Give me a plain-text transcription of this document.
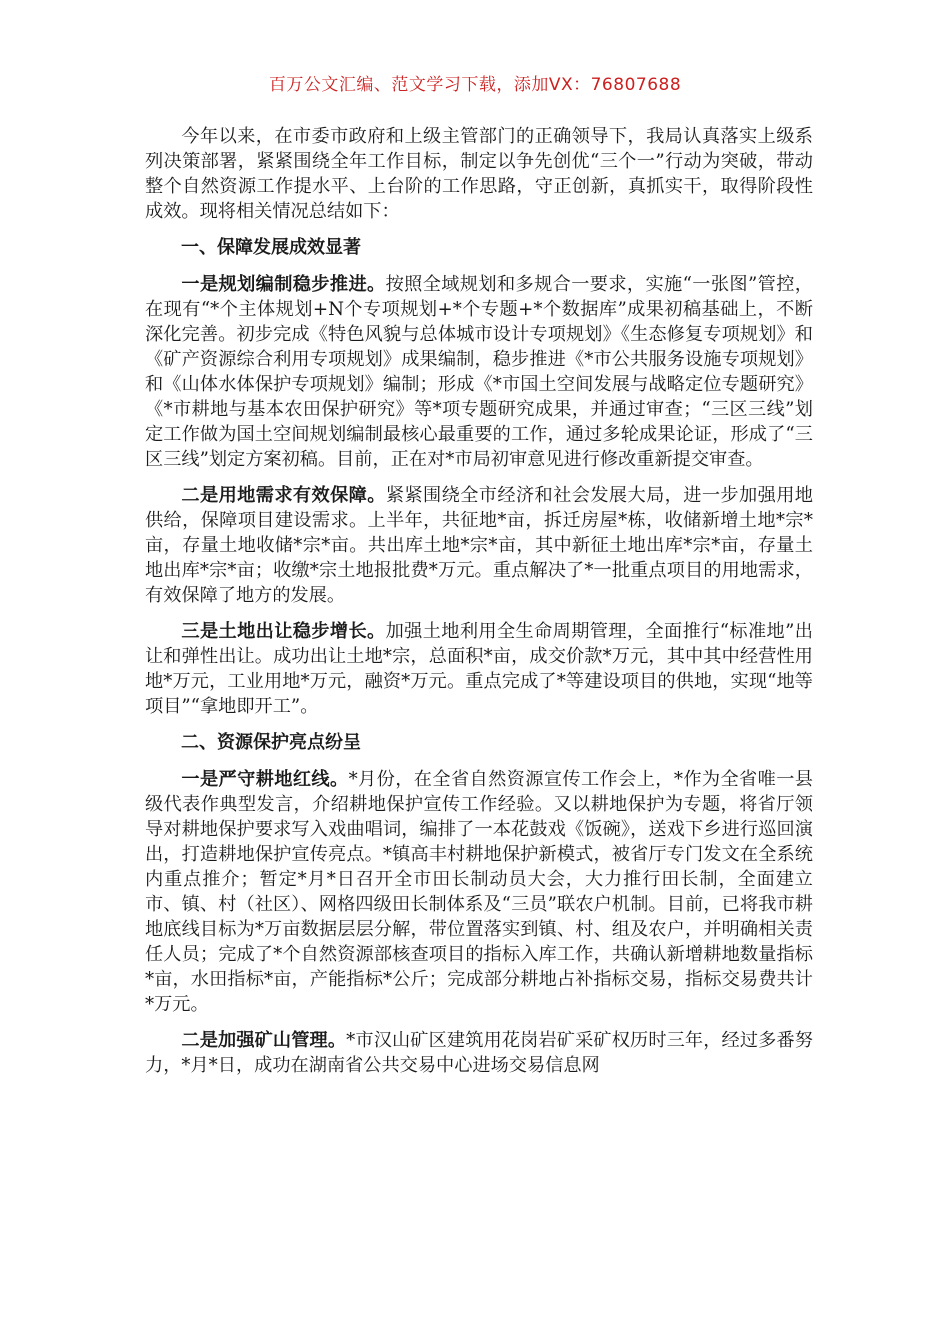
百万公文汇编、范文学习下载，添加VX：76807688

今年以来，在市委市政府和上级主管部门的正确领导下，我局认真落实上级系列决策部署，紧紧围绕全年工作目标，制定以争先创优“三个一”行动为突破，带动整个自然资源工作提水平、上台阶的工作思路，守正创新，真抓实干，取得阶段性成效。现将相关情况总结如下：

一、保障发展成效显著

一是规划编制稳步推进。按照全域规划和多规合一要求，实施“一张图”管控，在现有“*个主体规划+N个专项规划+*个专题+*个数据库”成果初稿基础上，不断深化完善。初步完成《特色风貌与总体城市设计专项规划》《生态修复专项规划》和《矿产资源综合利用专项规划》成果编制，稳步推进《*市公共服务设施专项规划》和《山体水体保护专项规划》编制；形成《*市国土空间发展与战略定位专题研究》《*市耕地与基本农田保护研究》等*项专题研究成果，并通过审查；“三区三线”划定工作做为国土空间规划编制最核心最重要的工作，通过多轮成果论证，形成了“三区三线”划定方案初稿。目前，正在对*市局初审意见进行修改重新提交审查。

二是用地需求有效保障。紧紧围绕全市经济和社会发展大局，进一步加强用地供给，保障项目建设需求。上半年，共征地*亩，拆迁房屋*栋，收储新增土地*宗*亩，存量土地收储*宗*亩。共出库土地*宗*亩，其中新征土地出库*宗*亩，存量土地出库*宗*亩；收缴*宗土地报批费*万元。重点解决了*一批重点项目的用地需求，有效保障了地方的发展。

三是土地出让稳步增长。加强土地利用全生命周期管理，全面推行“标准地”出让和弹性出让。成功出让土地*宗，总面积*亩，成交价款*万元，其中其中经营性用地*万元，工业用地*万元，融资*万元。重点完成了*等建设项目的供地，实现“地等项目”“拿地即开工”。

二、资源保护亮点纷呈

一是严守耕地红线。*月份，在全省自然资源宣传工作会上，*作为全省唯一县级代表作典型发言，介绍耕地保护宣传工作经验。又以耕地保护为专题，将省厅领导对耕地保护要求写入戏曲唱词，编排了一本花鼓戏《饭碗》，送戏下乡进行巡回演出，打造耕地保护宣传亮点。*镇高丰村耕地保护新模式，被省厅专门发文在全系统内重点推介；暂定*月*日召开全市田长制动员大会，大力推行田长制，全面建立市、镇、村（社区）、网格四级田长制体系及“三员”联农户机制。目前，已将我市耕地底线目标为*万亩数据层层分解，带位置落实到镇、村、组及农户，并明确相关责任人员；完成了*个自然资源部核查项目的指标入库工作，共确认新增耕地数量指标*亩，水田指标*亩，产能指标*公斤；完成部分耕地占补指标交易，指标交易费共计*万元。

二是加强矿山管理。*市汉山矿区建筑用花岗岩矿采矿权历时三年，经过多番努力，*月*日，成功在湖南省公共交易中心进场交易信息网
